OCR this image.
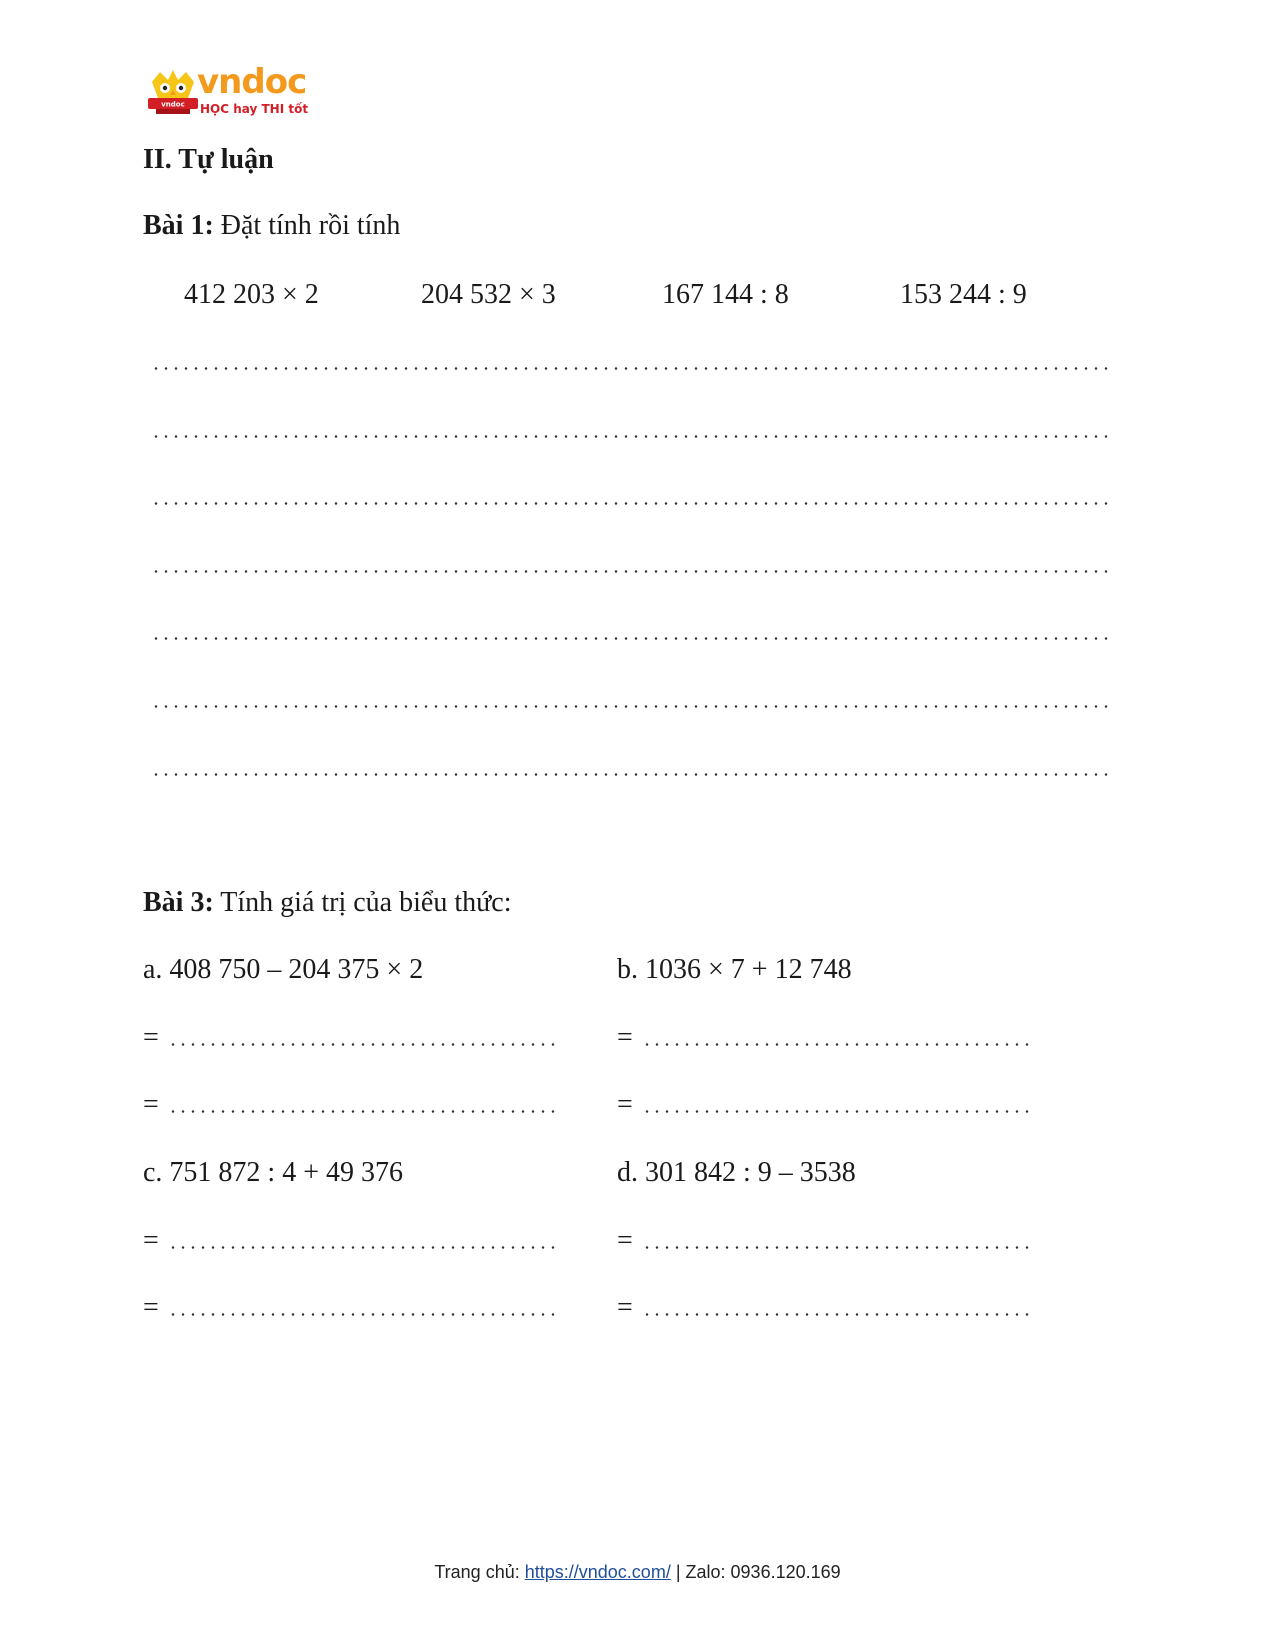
vndoc
vndoc
HỌC hay THI tốt
II. Tự luận
Bài 1: Đặt tính rồi tính
412 203 × 2	204 532 × 3	167 144 : 8	153 244 : 9
Bài 3: Tính giá trị của biểu thức:
a. 408 750 – 204 375 × 2	b. 1036 × 7 + 12 748
=	=
=	=
c. 751 872 : 4 + 49 376	d. 301 842 : 9 – 3538
=	=
=	=
Trang chủ: https://vndoc.com/ | Zalo: 0936.120.169
